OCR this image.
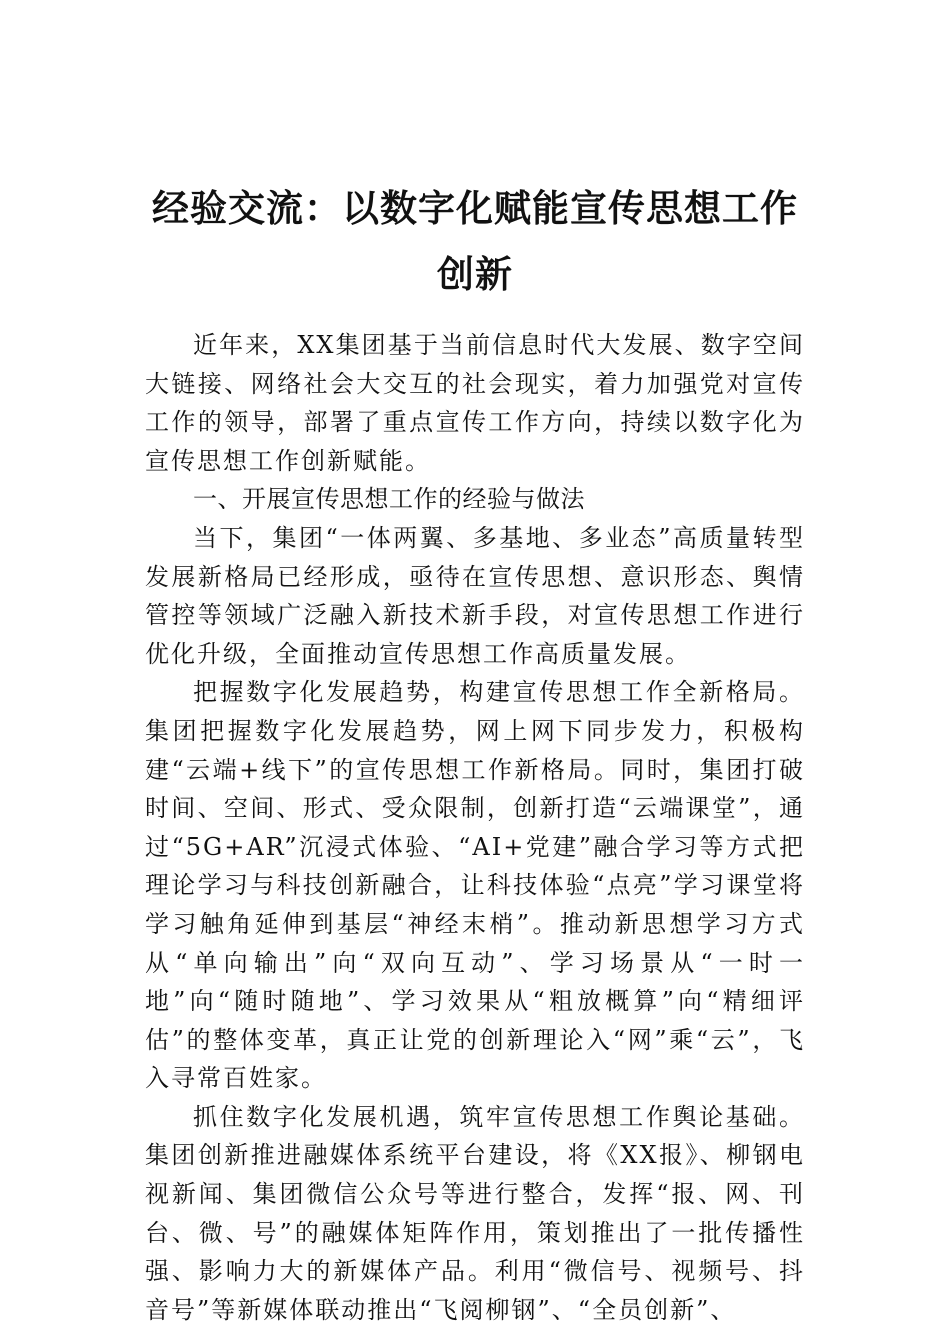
经验交流：以数字化赋能宣传思想工作创新

近年来，XX集团基于当前信息时代大发展、数字空间大链接、网络社会大交互的社会现实，着力加强党对宣传工作的领导，部署了重点宣传工作方向，持续以数字化为宣传思想工作创新赋能。

一、开展宣传思想工作的经验与做法

当下，集团“一体两翼、多基地、多业态”高质量转型发展新格局已经形成，亟待在宣传思想、意识形态、舆情管控等领域广泛融入新技术新手段，对宣传思想工作进行优化升级，全面推动宣传思想工作高质量发展。

把握数字化发展趋势，构建宣传思想工作全新格局。集团把握数字化发展趋势，网上网下同步发力，积极构建“云端+线下”的宣传思想工作新格局。同时，集团打破时间、空间、形式、受众限制，创新打造“云端课堂”，通过“5G+AR”沉浸式体验、“AI+党建”融合学习等方式把理论学习与科技创新融合，让科技体验“点亮”学习课堂将学习触角延伸到基层“神经末梢”。推动新思想学习方式从“单向输出”向“双向互动”、学习场景从“一时一地”向“随时随地”、学习效果从“粗放概算”向“精细评估”的整体变革，真正让党的创新理论入“网”乘“云”，飞入寻常百姓家。

抓住数字化发展机遇，筑牢宣传思想工作舆论基础。集团创新推进融媒体系统平台建设，将《XX报》、柳钢电视新闻、集团微信公众号等进行整合，发挥“报、网、刊台、微、号”的融媒体矩阵作用，策划推出了一批传播性强、影响力大的新媒体产品。利用“微信号、视频号、抖音号”等新媒体联动推出“飞阅柳钢”、“全员创新”、
